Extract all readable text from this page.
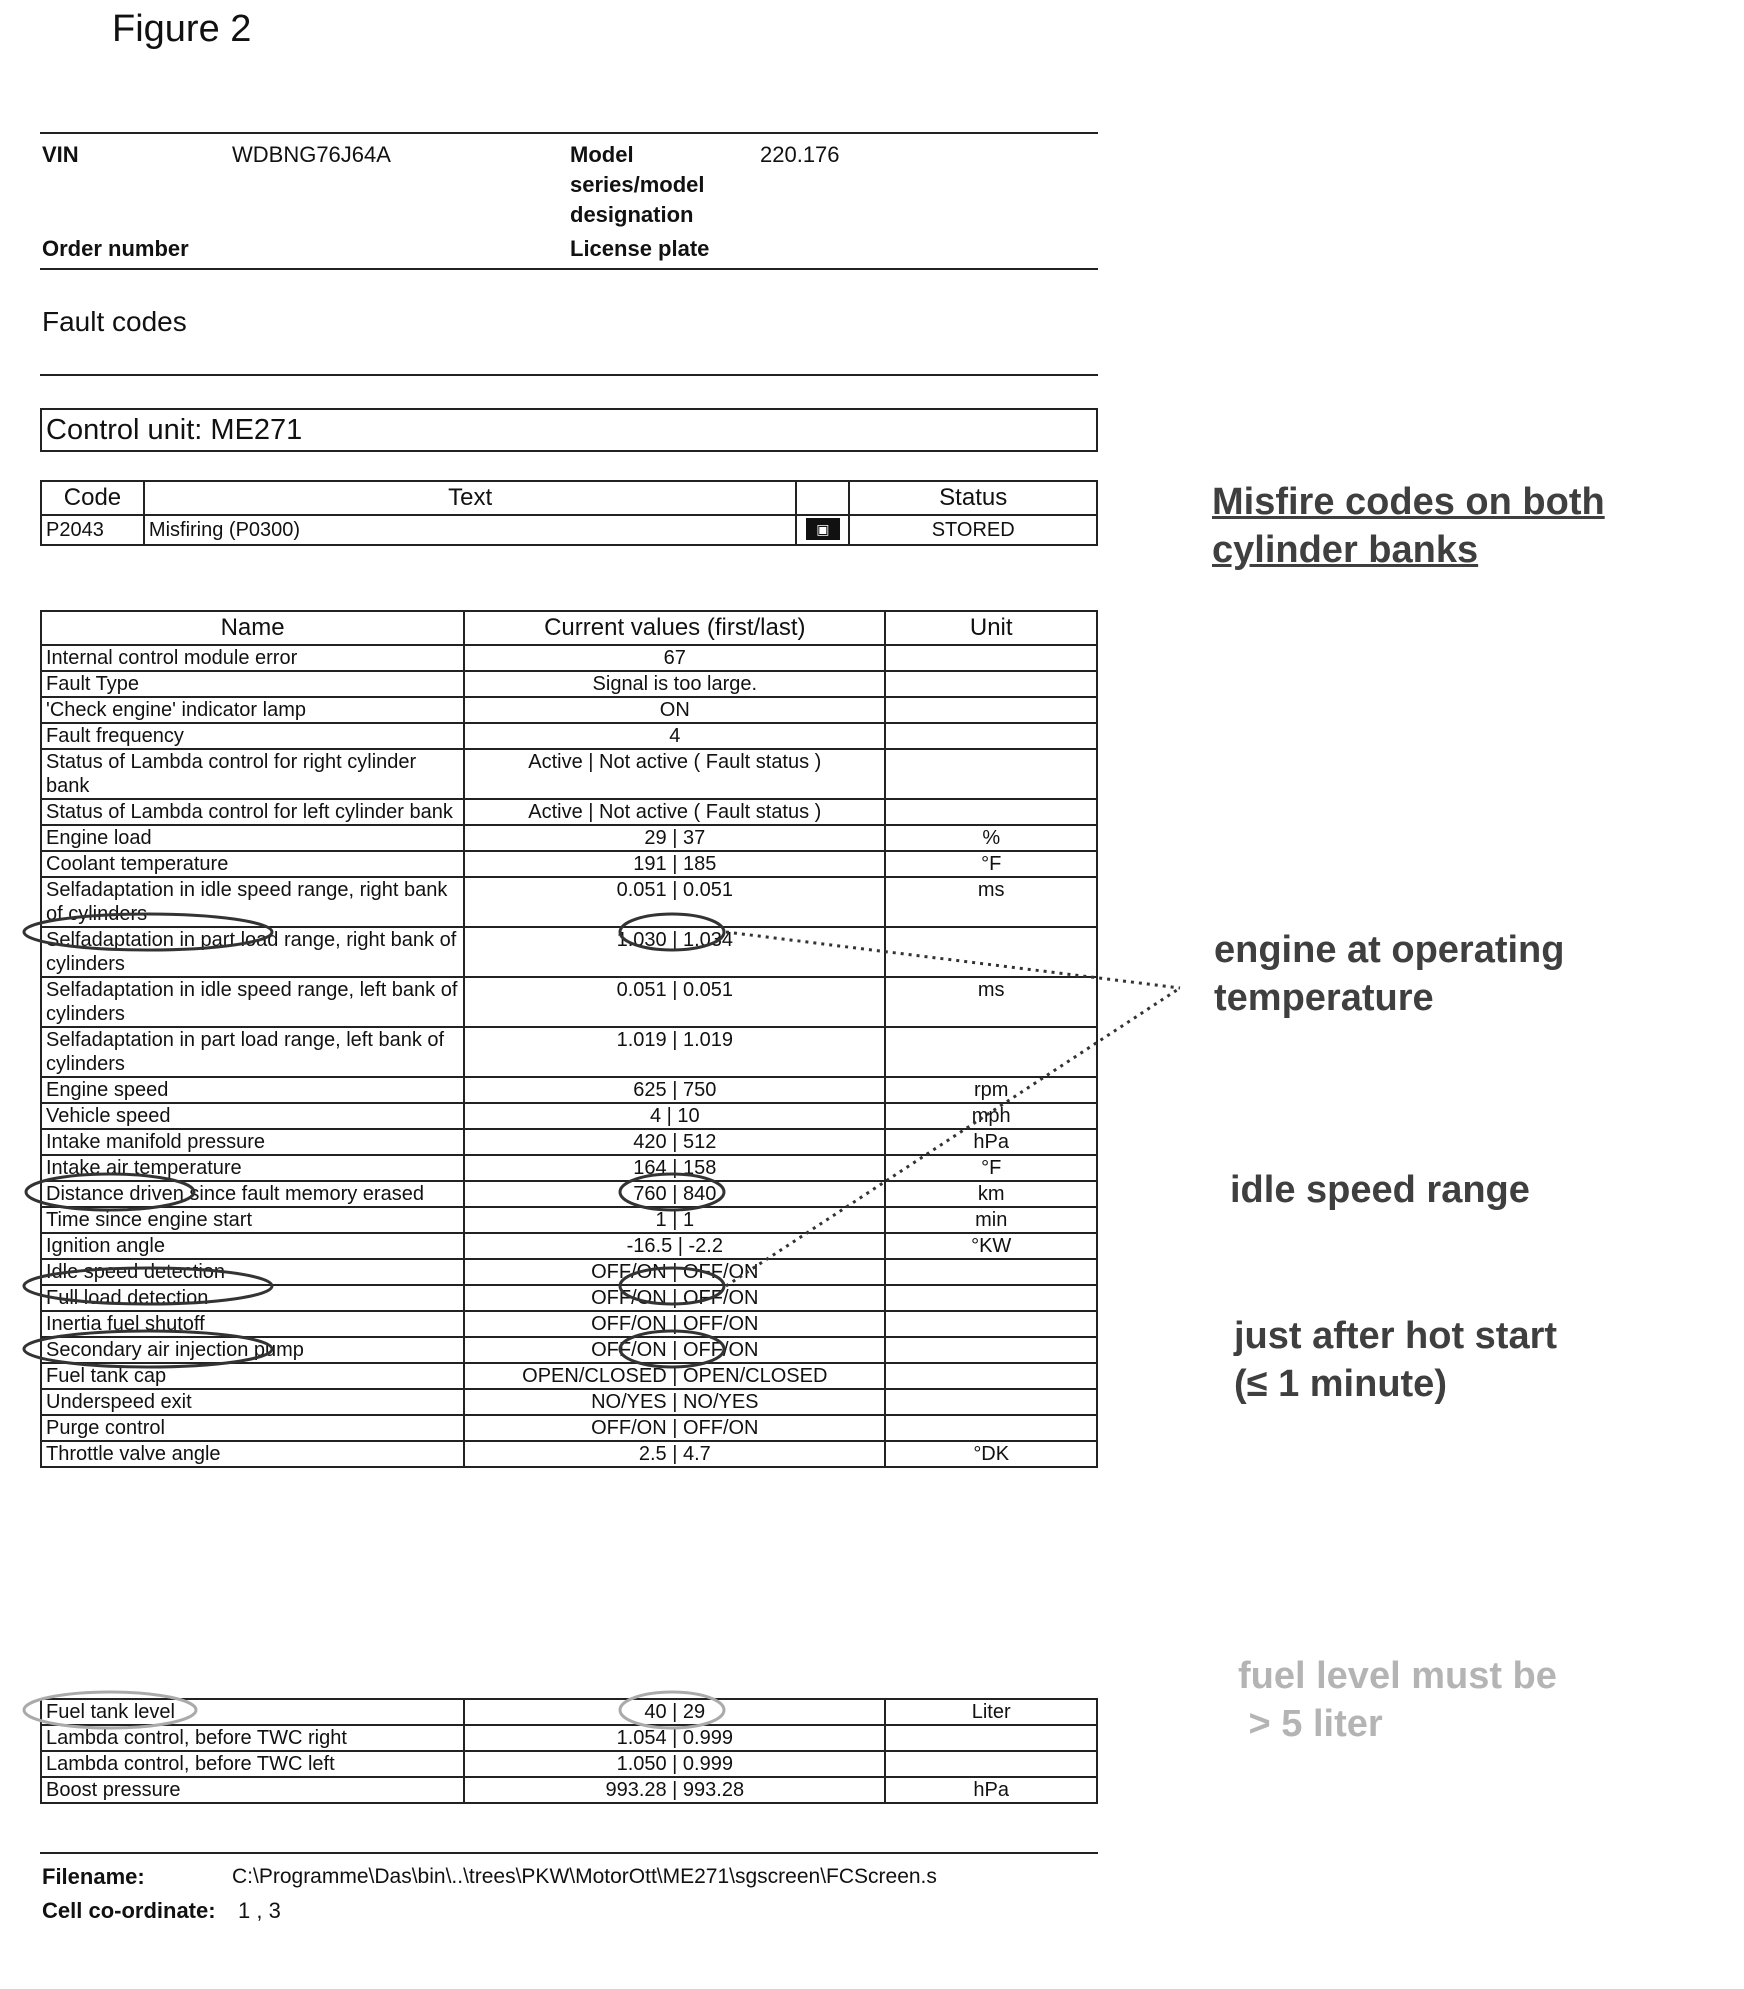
Figure 2
VIN	WDBNG76J64A	Model
series/model
designation
220.176
Order number	License plate
Fault codes
Control unit: ME271
Code	Text		Status
P2043	Misfiring (P0300)	▣	STORED
Name	Current values (first/last)	Unit
Internal control module error	67	
Fault Type	Signal is too large.	
'Check engine' indicator lamp	ON	
Fault frequency	4	
Status of Lambda control for right cylinder bank	Active | Not active ( Fault status )	
Status of Lambda control for left cylinder bank	Active | Not active ( Fault status )	
Engine load	29 | 37	%
Coolant temperature	191 | 185	°F
Selfadaptation in idle speed range, right bank of cylinders	0.051 | 0.051	ms
Selfadaptation in part load range, right bank of cylinders	1.030 | 1.034	
Selfadaptation in idle speed range, left bank of cylinders	0.051 | 0.051	ms
Selfadaptation in part load range, left bank of cylinders	1.019 | 1.019	
Engine speed	625 | 750	rpm
Vehicle speed	4 | 10	mph
Intake manifold pressure	420 | 512	hPa
Intake air temperature	164 | 158	°F
Distance driven since fault memory erased	760 | 840	km
Time since engine start	1 | 1	min
Ignition angle	-16.5 | -2.2	°KW
Idle speed detection	OFF/ON | OFF/ON	
Full load detection	OFF/ON | OFF/ON	
Inertia fuel shutoff	OFF/ON | OFF/ON	
Secondary air injection pump	OFF/ON | OFF/ON	
Fuel tank cap	OPEN/CLOSED | OPEN/CLOSED	
Underspeed exit	NO/YES | NO/YES	
Purge control	OFF/ON | OFF/ON	
Throttle valve angle	2.5 | 4.7	°DK
Fuel tank level	40 | 29	Liter
Lambda control, before TWC right	1.054 | 0.999	
Lambda control, before TWC left	1.050 | 0.999	
Boost pressure	993.28 | 993.28	hPa
Filename:	C:\Programme\Das\bin\..\trees\PKW\MotorOtt\ME271\sgscreen\FCScreen.s
Cell co-ordinate: 1 , 3
Misfire codes on both
cylinder banks
engine at operating
temperature
idle speed range
just after hot start
(≤ 1 minute)
fuel level must be
> 5 liter
